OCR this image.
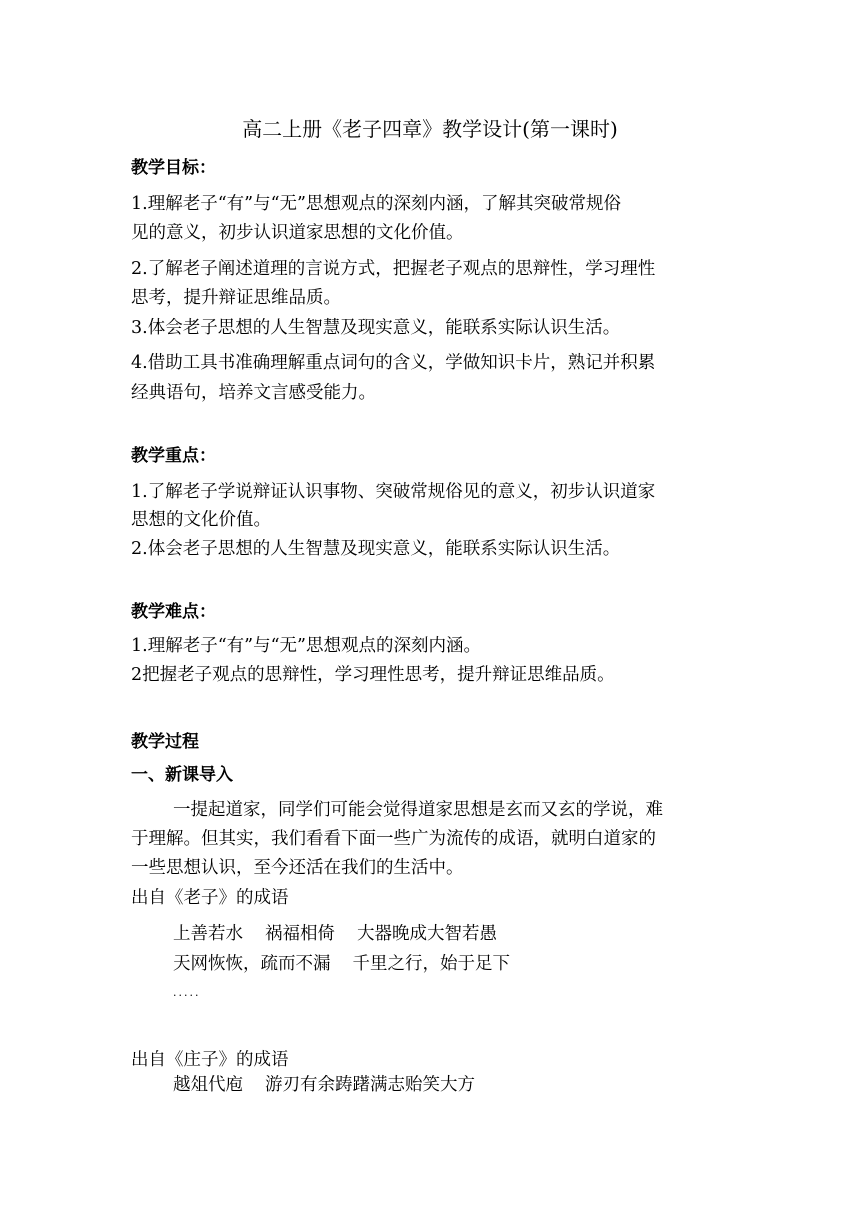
高二上册《老子四章》教学设计(第一课时)
教学目标：
1.理解老子“有”与“无”思想观点的深刻内涵，了解其突破常规俗
见的意义，初步认识道家思想的文化价值。
2.了解老子阐述道理的言说方式，把握老子观点的思辩性，学习理性
思考，提升辩证思维品质。
3.体会老子思想的人生智慧及现实意义，能联系实际认识生活。
4.借助工具书准确理解重点词句的含义，学做知识卡片，熟记并积累
经典语句，培养文言感受能力。
教学重点：
1.了解老子学说辩证认识事物、突破常规俗见的意义，初步认识道家
思想的文化价值。
2.体会老子思想的人生智慧及现实意义，能联系实际认识生活。
教学难点：
1.理解老子“有”与“无”思想观点的深刻内涵。
2把握老子观点的思辩性，学习理性思考，提升辩证思维品质。
教学过程
一、新课导入
一提起道家，同学们可能会觉得道家思想是玄而又玄的学说，难
于理解。但其实，我们看看下面一些广为流传的成语，就明白道家的
一些思想认识，至今还活在我们的生活中。
出自《老子》的成语
上善若水 祸福相倚 大器晚成大智若愚
天网恢恢，疏而不漏 千里之行，始于足下
·····
出自《庄子》的成语
越俎代庖 游刃有余踌躇满志贻笑大方
